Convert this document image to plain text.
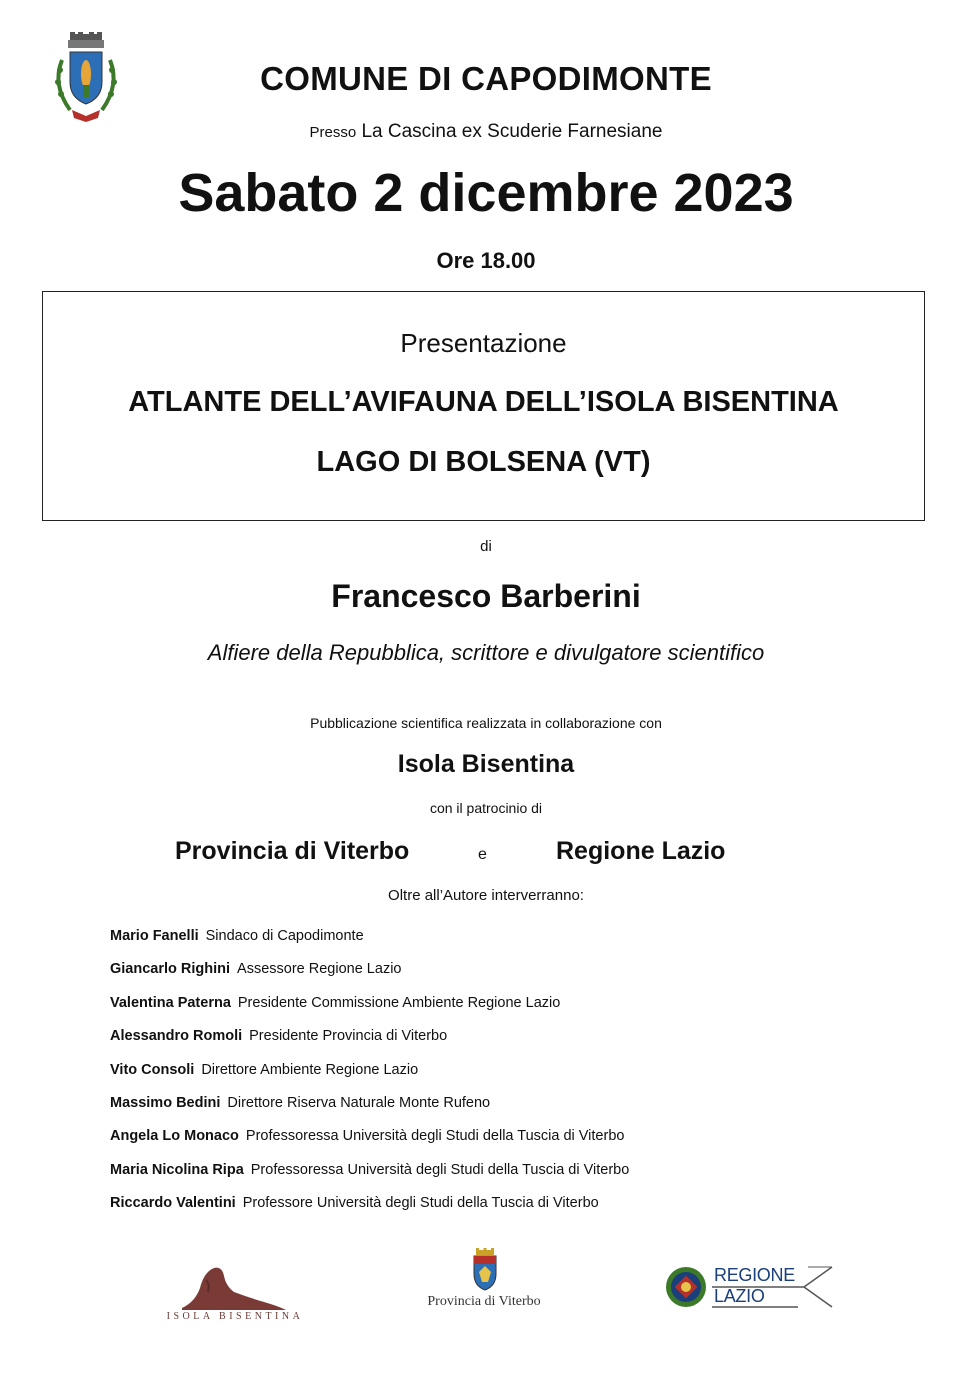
COMUNE DI CAPODIMONTE
Presso La Cascina ex Scuderie Farnesiane
Sabato 2 dicembre 2023
Ore 18.00
Presentazione
ATLANTE DELL’AVIFAUNA DELL’ISOLA BISENTINA
LAGO DI BOLSENA (VT)
di
Francesco Barberini
Alfiere della Repubblica, scrittore e divulgatore scientifico
Pubblicazione scientifica realizzata in collaborazione con
Isola Bisentina
con il patrocinio di
Provincia di Viterbo	e	Regione Lazio
Oltre all’Autore interverranno:
Mario Fanelli Sindaco di Capodimonte
Giancarlo Righini Assessore Regione Lazio
Valentina Paterna Presidente Commissione Ambiente Regione Lazio
Alessandro Romoli Presidente Provincia di Viterbo
Vito Consoli Direttore Ambiente Regione Lazio
Massimo Bedini Direttore Riserva Naturale Monte Rufeno
Angela Lo Monaco Professoressa Università degli Studi della Tuscia di Viterbo
Maria Nicolina Ripa Professoressa Università degli Studi della Tuscia di Viterbo
Riccardo Valentini Professore Università degli Studi della Tuscia di Viterbo
ISOLA BISENTINA
Provincia di Viterbo
REGIONE
LAZIO
